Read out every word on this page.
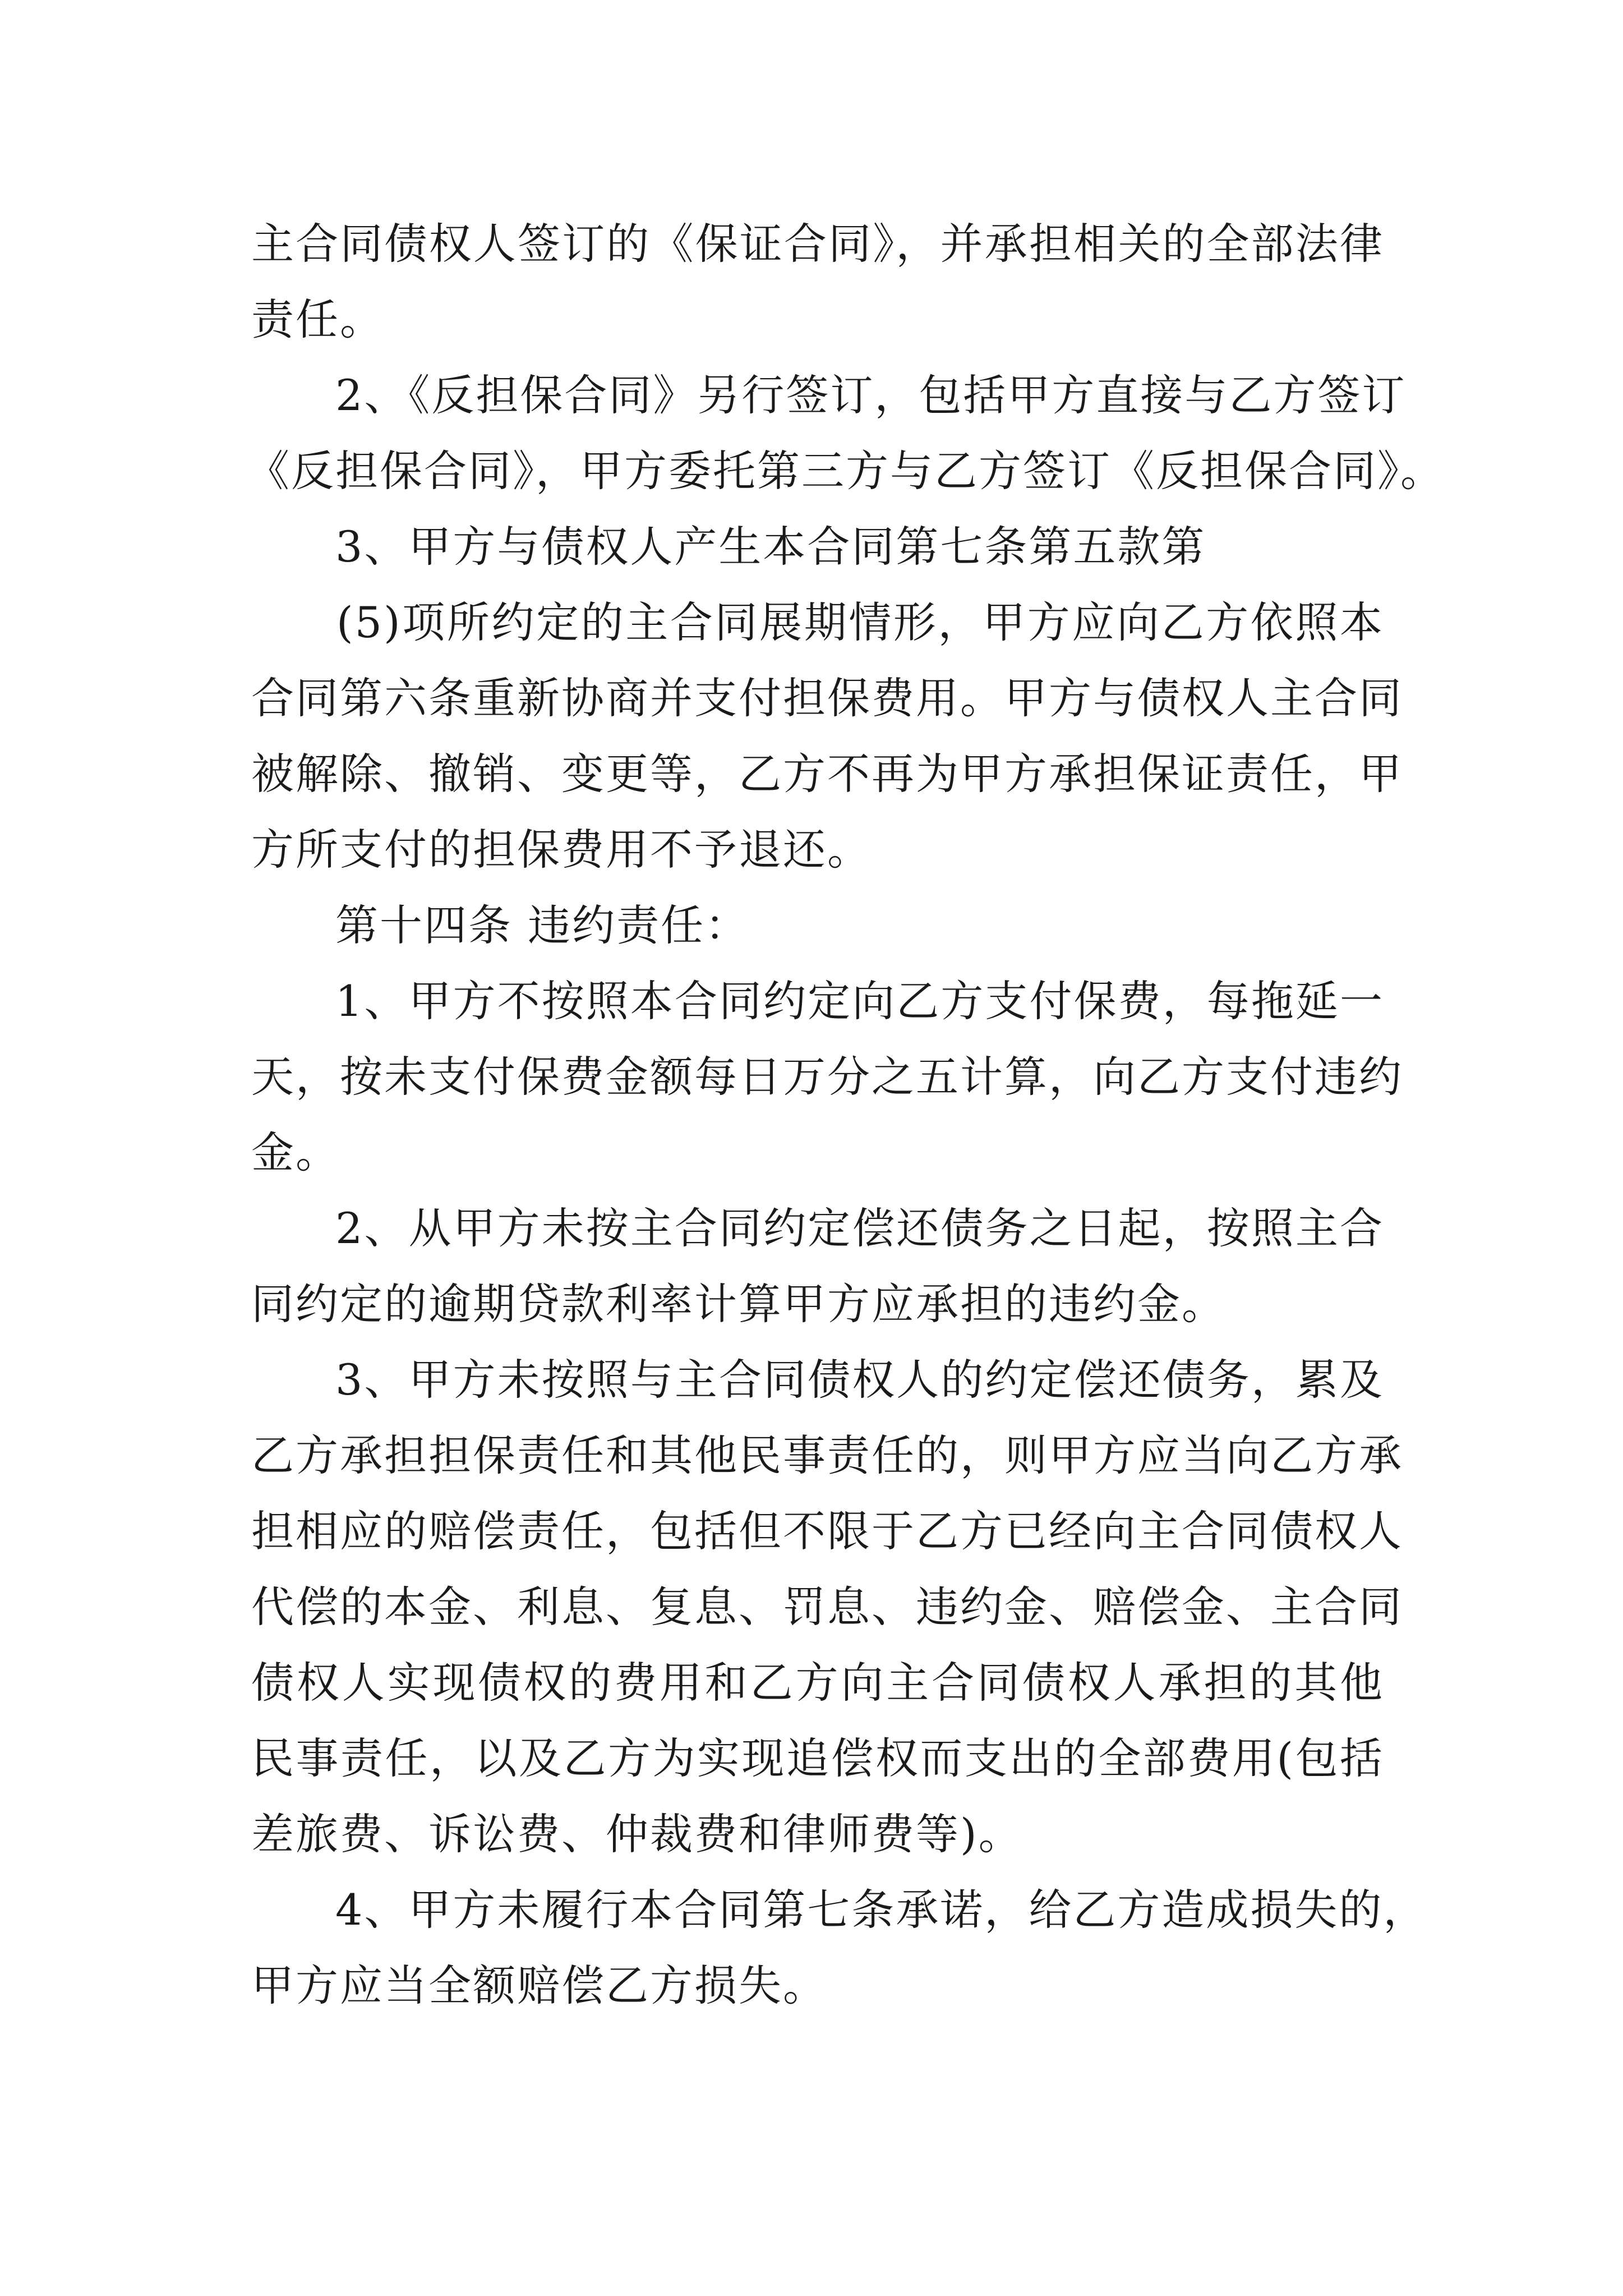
主合同债权人签订的《保证合同》，并承担相关的全部法律

责任。

2、《反担保合同》另行签订，包括甲方直接与乙方签订

《反担保合同》，甲方委托第三方与乙方签订《反担保合同》。

3、甲方与债权人产生本合同第七条第五款第

(5)项所约定的主合同展期情形，甲方应向乙方依照本

合同第六条重新协商并支付担保费用。甲方与债权人主合同

被解除、撤销、变更等，乙方不再为甲方承担保证责任，甲

方所支付的担保费用不予退还。

第十四条 违约责任：

1、甲方不按照本合同约定向乙方支付保费，每拖延一

天，按未支付保费金额每日万分之五计算，向乙方支付违约

金。

2、从甲方未按主合同约定偿还债务之日起，按照主合

同约定的逾期贷款利率计算甲方应承担的违约金。

3、甲方未按照与主合同债权人的约定偿还债务，累及

乙方承担担保责任和其他民事责任的，则甲方应当向乙方承

担相应的赔偿责任，包括但不限于乙方已经向主合同债权人

代偿的本金、利息、复息、罚息、违约金、赔偿金、主合同

债权人实现债权的费用和乙方向主合同债权人承担的其他

民事责任，以及乙方为实现追偿权而支出的全部费用(包括

差旅费、诉讼费、仲裁费和律师费等)。

4、甲方未履行本合同第七条承诺，给乙方造成损失的，

甲方应当全额赔偿乙方损失。
